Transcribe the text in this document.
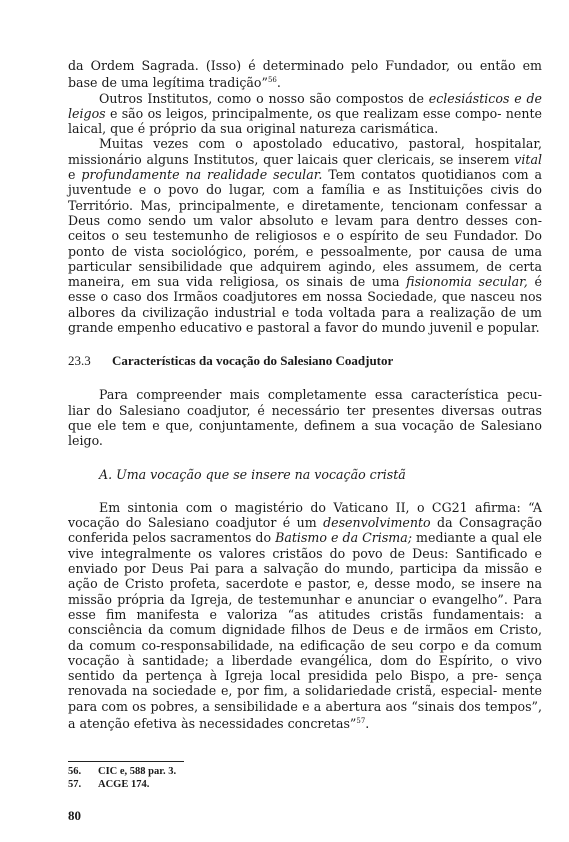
da Ordem Sagrada. (Isso) é determinado pelo Fundador, ou então em base de uma legítima tradição”$^{56}$.

Outros Institutos, como o nosso são compostos de eclesiásticos e de leigos e são os leigos, principalmente, os que realizam esse compo- nente laical, que é próprio da sua original natureza carismática.

Muitas vezes com o apostolado educativo, pastoral, hospitalar, missionário alguns Institutos, quer laicais quer clericais, se inserem vital e profundamente na realidade secular. Tem contatos quotidianos com a juventude e o povo do lugar, com a família e as Instituições civis do Território. Mas, principalmente, e diretamente, tencionam confessar a Deus como sendo um valor absoluto e levam para dentro desses con- ceitos o seu testemunho de religiosos e o espírito de seu Fundador. Do ponto de vista sociológico, porém, e pessoalmente, por causa de uma particular sensibilidade que adquirem agindo, eles assumem, de certa maneira, em sua vida religiosa, os sinais de uma fisionomia secular, é esse o caso dos Irmãos coadjutores em nossa Sociedade, que nasceu nos albores da civilização industrial e toda voltada para a realização de um grande empenho educativo e pastoral a favor do mundo juvenil e popular.

23.3	Características da vocação do Salesiano Coadjutor

Para compreender mais completamente essa característica pecu- liar do Salesiano coadjutor, é necessário ter presentes diversas outras que ele tem e que, conjuntamente, definem a sua vocação de Salesiano leigo.

A. Uma vocação que se insere na vocação cristã

Em sintonia com o magistério do Vaticano II, o CG21 afirma: “A vocação do Salesiano coadjutor é um desenvolvimento da Consagração conferida pelos sacramentos do Batismo e da Crisma; mediante a qual ele vive integralmente os valores cristãos do povo de Deus: Santificado e enviado por Deus Pai para a salvação do mundo, participa da missão e ação de Cristo profeta, sacerdote e pastor, e, desse modo, se insere na missão própria da Igreja, de testemunhar e anunciar o evangelho”. Para esse fim manifesta e valoriza “as atitudes cristãs fundamentais: a consciência da comum dignidade filhos de Deus e de irmãos em Cristo, da comum co-responsabilidade, na edificação de seu corpo e da comum vocação à santidade; a liberdade evangélica, dom do Espírito, o vivo sentido da pertença à Igreja local presidida pelo Bispo, a pre- sença renovada na sociedade e, por fim, a solidariedade cristã, especial- mente para com os pobres, a sensibilidade e a abertura aos “sinais dos tempos”, a atenção efetiva às necessidades concretas”$^{57}$.

56. CIC e, 588 par. 3.
57. ACGE 174.
80
